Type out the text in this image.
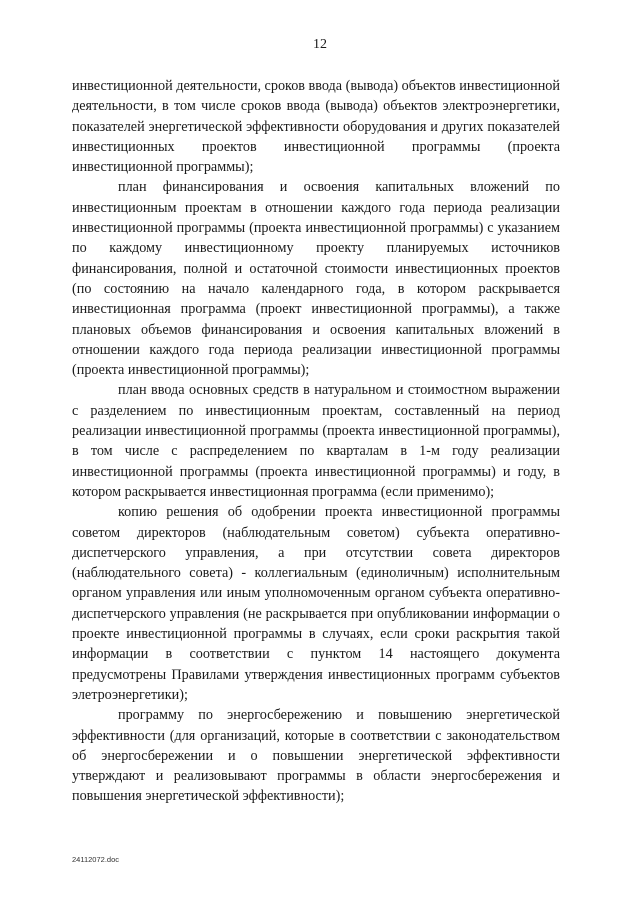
12

инвестиционной деятельности, сроков ввода (вывода) объектов инвестиционной деятельности, в том числе сроков ввода (вывода) объектов электроэнергетики, показателей энергетической эффективности оборудования и других показателей инвестиционных проектов инвестиционной программы (проекта инвестиционной программы);

план финансирования и освоения капитальных вложений по инвестиционным проектам в отношении каждого года периода реализации инвестиционной программы (проекта инвестиционной программы) с указанием по каждому инвестиционному проекту планируемых источников финансирования, полной и остаточной стоимости инвестиционных проектов (по состоянию на начало календарного года, в котором раскрывается инвестиционная программа (проект инвестиционной программы), а также плановых объемов финансирования и освоения капитальных вложений в отношении каждого года периода реализации инвестиционной программы (проекта инвестиционной программы);

план ввода основных средств в натуральном и стоимостном выражении с разделением по инвестиционным проектам, составленный на период реализации инвестиционной программы (проекта инвестиционной программы), в том числе с распределением по кварталам в 1-м году реализации инвестиционной программы (проекта инвестиционной программы) и году, в котором раскрывается инвестиционная программа (если применимо);

копию решения об одобрении проекта инвестиционной программы советом директоров (наблюдательным советом) субъекта оперативно-диспетчерского управления, а при отсутствии совета директоров (наблюдательного совета) - коллегиальным (единоличным) исполнительным органом управления или иным уполномоченным органом субъекта оперативно-диспетчерского управления (не раскрывается при опубликовании информации о проекте инвестиционной программы в случаях, если сроки раскрытия такой информации в соответствии с пунктом 14 настоящего документа предусмотрены Правилами утверждения инвестиционных программ субъектов элетроэнергетики);

программу по энергосбережению и повышению энергетической эффективности (для организаций, которые в соответствии с законодательством об энергосбережении и о повышении энергетической эффективности утверждают и реализовывают программы в области энергосбережения и повышения энергетической эффективности);

24112072.doc
